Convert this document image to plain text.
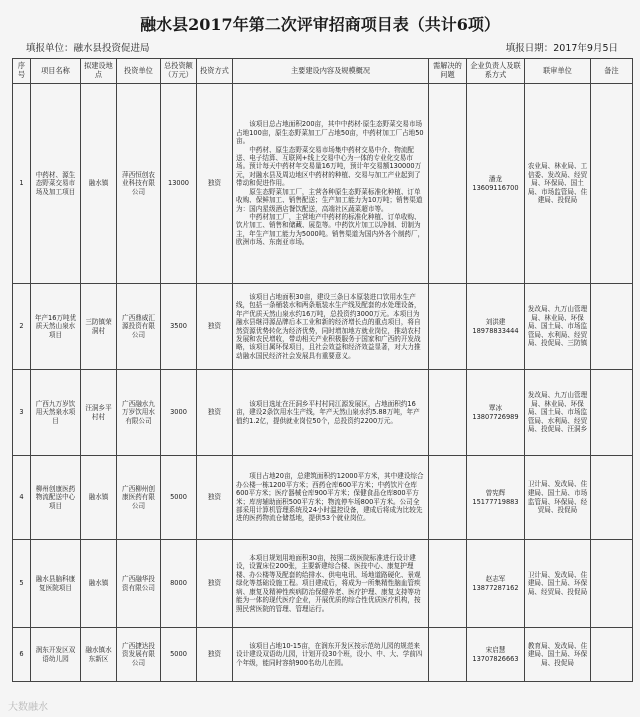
融水县2017年第二次评审招商项目表（共计6项）
填报单位：融水县投资促进局	填报日期：2017年9月5日
序号	项目名称	拟建设地点	投资单位	总投资额（万元）	投资方式	主要建设内容及规模概况	需解决的问题	企业负责人及联系方式	联审单位	备注
1	中药材、源生态野菜交易市场及加工项目	融水镇	萍西恒创农业科技有限公司	13000	独资	该项目总占地面积200亩，其中中药材·原生态野菜交易市场占地100亩，原生态野菜加工厂占地50亩，中药材加工厂占地50亩。

中药材、原生态野菜交易市场集中药材交易中介、物流配送、电子结算、互联网+线上交易中心为一体的专业化交易市场。预计每天中药材年交易量16万吨，预计年交易额130000万元，对融水县及周边地区中药材的种植、交易与加工产业起到了带动和促进作用。

原生态野菜加工厂，主营各种原生态野菜标准化种植、订单收购、保鲜加工、销售配送；生产加工能力为10万吨；销售渠道为：国内星级酒店餐饮配送，高端社区蔬菜超市等。

中药材加工厂，主营地产中药材的标准化种植、订单收购、饮片加工、销售和储藏、展览等。中药饮片加工以净制、切制为主，年生产加工能力为5000吨。销售渠道为国内外各个制药厂，欧洲市场、东南亚市场。		潘龙 13609116700	农业局、林业局、工信委、发改局、经贸局、环保局、国土局、市场监管局、住建局、投促局	
2	年产16万吨优质天然山泉水项目	三防镇荣洞村	广西鼎威汇源投资有限公司	3500	独资	该项目占地面积30亩，建设三条日本原装进口饮用水生产线，包括一条桶装水和两条瓶装水生产线及配套的水处理设备，年产优质天然山泉水约16万吨，总投资约3000万元。本项目为融水县继浔源品牌后本工业和新的经济增长点的重点项目，将自然资源优势转化为经济优势，同时增加地方就业岗位，推动农村发展和农民增收，带动相关产业积极服务于国家和广西的开发战略，该项目属环保项目，且社会效益和经济效益显著，对大力推动融水国民经济社会发展具有重要意义。		刘洪建 18978833444	发改局、九万山管理局、林业局、环保局、国土局、市场监管局、水利局、经贸局、投促局、三防镇	
3	广西九万岁饮用天然泉水项目	汪洞乡平村村	广西融水九万岁饮用水有限公司	3000	独资	该项目选址在汪洞乡平村村同江源发展区，占地面积约16亩，建设2条饮用水生产线，年产天然山泉水约5.88万吨，年产值约1.2亿，提供就业岗位50个，总投资约2200万元。		覃冰 13807726989	发改局、九万山管理局、林业局、环保局、国土局、市场监管局、水利局、经贸局、投促局、汪洞乡	
4	柳州创康医药物流配送中心项目	融水镇	广西柳州创康医药有限公司	5000	独资	项目占地20亩，总建筑面积约12000平方米，其中建设综合办公楼一栋1200平方米；西药仓库600平方米；中药饮片仓库600平方米；医疗器械仓库900平方米；保健食品仓库800平方米；库房辅助面积500平方米；物流停车场800平方米。公司全部采用计算机管理系统及24小时温控设备，建成后将成为比较先进的医药物流仓储基地，提供53个就业岗位。		曾宪辉 15177719883	卫计局、发改局、住建局、国土局、市场监管局、环保局、经贸局、投促局	
5	融水县脑科康复医院项目	融水镇	广西融华投资有限公司	8000	独资	本项目规划用地面积30亩，按照二级医院标准进行设计建设，设置床位200张，主要新建综合楼、医技中心、康复护理楼、办公楼等及配套的给排水、供电电讯、场地道路硬化、景观绿化等基础设施工程。项目建成后，将成为一所集精性脑血管疾病、康复及精神性疾病防治保健养老、医疗护理、康复支持等功能为一体的现代医疗企业，开展优质的综合性优质医疗机构，按照民营医院的管理、管理运行。		赵志军 13877287162	卫计局、发改局、住建局、国土局、环保局、经贸局、投促局	
6	润东开发区双语幼儿园	融水镇水东新区	广西捷达投资发展有限公司	5000	独资	该项目占地10-15亩，在润东开发区按示范幼儿园的规范来设计建设双语幼儿园，计划开设30个班，设小、中、大、学前四个年级，能同时容纳900名幼儿在园。		宋启慧 13707826663	教育局、发改局、住建局、国土局、环保局、投促局	
大数融水
